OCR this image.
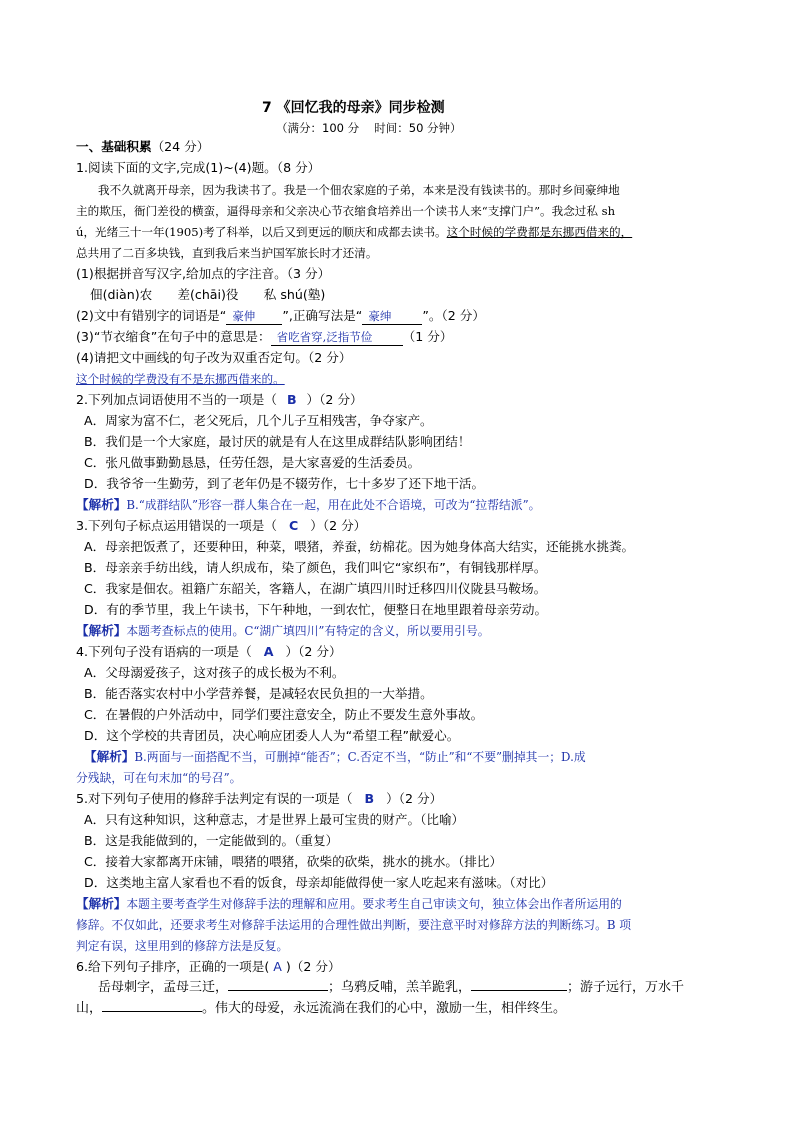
7 《回忆我的母亲》同步检测
（满分：100 分　 时间：50 分钟）
一、基础积累（24 分）
1.阅读下面的文字,完成(1)~(4)题。（8 分）
我不久就离开母亲，因为我读书了。我是一个佃农家庭的子弟，本来是没有钱读书的。那时乡间豪绅地
主的欺压，衙门差役的横蛮，逼得母亲和父亲决心节衣缩食培养出一个读书人来“支撑门户”。我念过私 sh
ú，光绪三十一年(1905)考了科举，以后又到更远的顺庆和成都去读书。这个时候的学费都是东挪西借来的，
总共用了二百多块钱，直到我后来当护国军旅长时才还清。
(1)根据拼音写汉字,给加点的字注音。（3 分）
佃(diàn)农　　差(chāi)役　　私 shú(塾)
(2)文中有错别字的词语是“ 豪伸 ”,正确写法是“ 豪绅 ”。（2 分）
(3)“节衣缩食”在句子中的意思是： 省吃省穿,泛指节俭 （1 分）
(4)请把文中画线的句子改为双重否定句。（2 分）
这个时候的学费没有不是东挪西借来的。
2.下列加点词语使用不当的一项是（ B ）（2 分）
A．周家为富不仁，老父死后，几个儿子互相残害，争夺家产。
B．我们是一个大家庭，最讨厌的就是有人在这里成群结队影响团结！
C．张凡做事勤勤恳恳，任劳任怨，是大家喜爱的生活委员。
D．我爷爷一生勤劳，到了老年仍是不辍劳作，七十多岁了还下地干活。
【解析】B.“成群结队”形容一群人集合在一起，用在此处不合语境，可改为“拉帮结派”。
3.下列句子标点运用错误的一项是（ C ）（2 分）
A．母亲把饭煮了，还要种田，种菜，喂猪，养蚕，纺棉花。因为她身体高大结实，还能挑水挑粪。
B．母亲亲手纺出线，请人织成布，染了颜色，我们叫它“家织布”，有铜钱那样厚。
C．我家是佃农。祖籍广东韶关，客籍人，在湖广填四川时迁移四川仪陇县马鞍场。
D．有的季节里，我上午读书，下午种地，一到农忙，便整日在地里跟着母亲劳动。
【解析】本题考查标点的使用。C“湖广填四川”有特定的含义，所以要用引号。
4.下列句子没有语病的一项是（ A ）（2 分）
A．父母溺爱孩子，这对孩子的成长极为不利。
B．能否落实农村中小学营养餐，是减轻农民负担的一大举措。
C．在暑假的户外活动中，同学们要注意安全，防止不要发生意外事故。
D．这个学校的共青团员，决心响应团委人人为“希望工程”献爱心。
【解析】B.两面与一面搭配不当，可删掉“能否”；C.否定不当，“防止”和“不要”删掉其一；D.成
分残缺，可在句末加“的号召”。
5.对下列句子使用的修辞手法判定有误的一项是（ B ）（2 分）
A．只有这种知识，这种意志，才是世界上最可宝贵的财产。（比喻）
B．这是我能做到的，一定能做到的。（重复）
C．接着大家都离开床铺，喂猪的喂猪，砍柴的砍柴，挑水的挑水。（排比）
D．这类地主富人家看也不看的饭食，母亲却能做得使一家人吃起来有滋味。（对比）
【解析】本题主要考查学生对修辞手法的理解和应用。要求考生自己审读文句，独立体会出作者所运用的
修辞。不仅如此，还要求考生对修辞手法运用的合理性做出判断，要注意平时对修辞方法的判断练习。B 项
判定有误，这里用到的修辞方法是反复。
6.给下列句子排序，正确的一项是( A )（2 分）
岳母刺字，孟母三迁，	；乌鸦反哺，羔羊跪乳，	；游子远行，万水千
山，	。伟大的母爱，永远流淌在我们的心中，激励一生，相伴终生。
